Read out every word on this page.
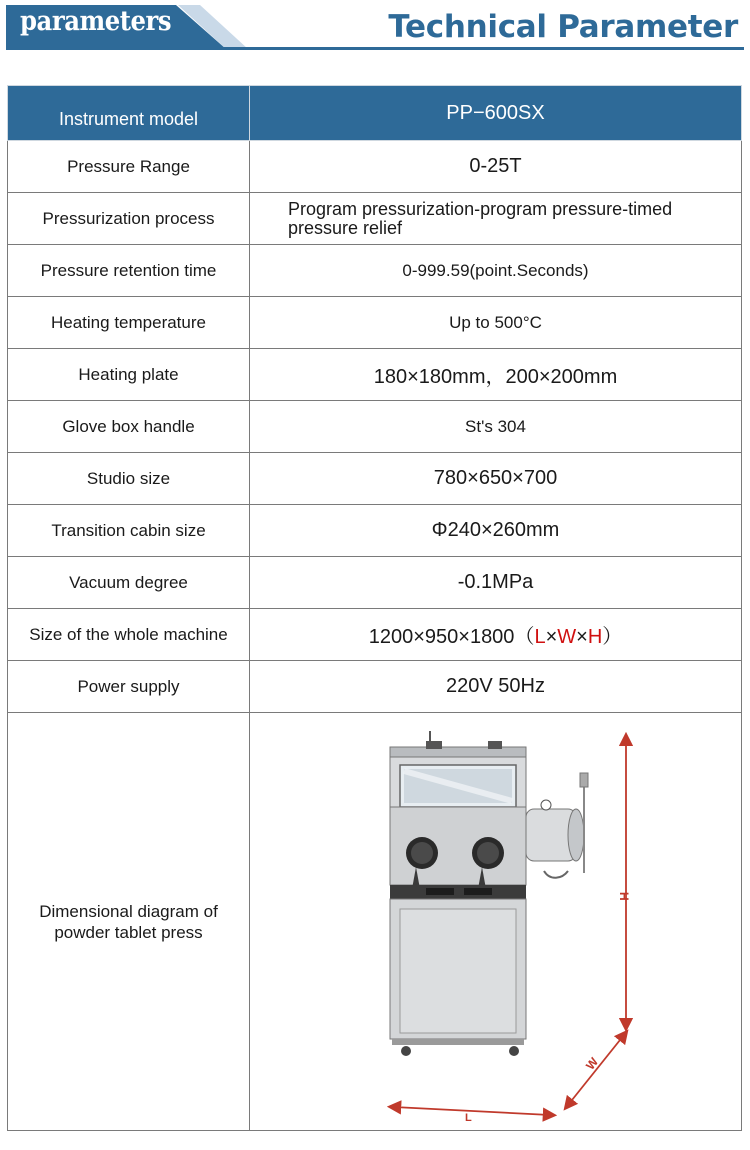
parameters	Technical Parameter
Instrument model	PP−600SX
Pressure Range	0-25T
Pressurization process	Program pressurization-program pressure-timed pressure relief
Pressure retention time	0-999.59(point.Seconds)
Heating temperature	Up to 500°C
Heating plate	180×180mm，200×200mm
Glove box handle	St's 304
Studio size	780×650×700
Transition cabin size	Φ240×260mm
Vacuum degree	-0.1MPa
Size of the whole machine	1200×950×1800（L×W×H）
Power supply	220V 50Hz
Dimensional diagram of powder tablet press	H
W
L
